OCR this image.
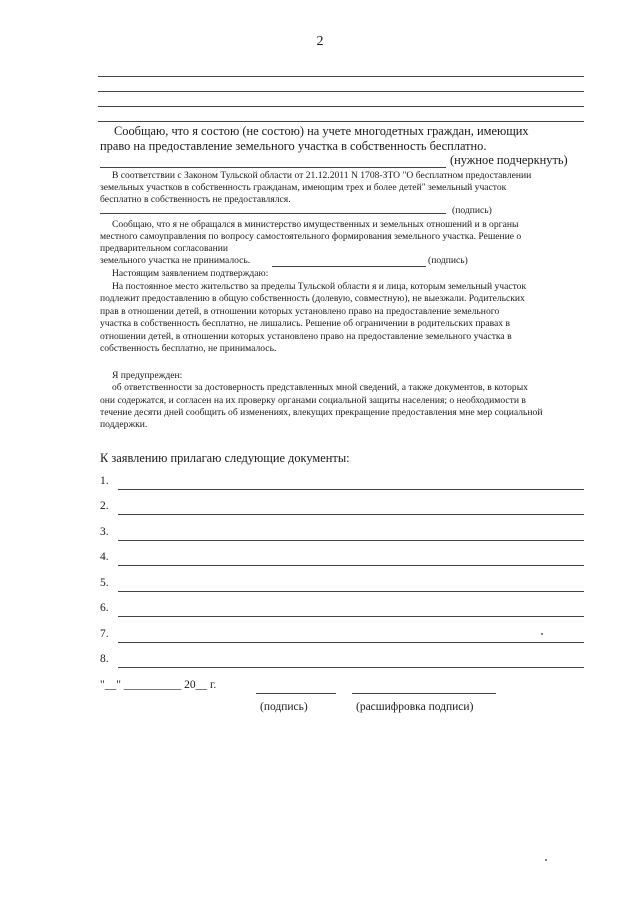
2
Сообщаю, что я состою (не состою) на учете многодетных граждан, имеющих
право на предоставление земельного участка в собственность бесплатно.
(нужное подчеркнуть)
В соответствии с Законом Тульской области от 21.12.2011 N 1708-ЗТО "О бесплатном предоставлении
земельных участков в собственность гражданам, имеющим трех и более детей" земельный участок
бесплатно в собственность не предоставлялся.
(подпись)
Сообщаю, что я не обращался в министерство имущественных и земельных отношений и в органы
местного самоуправления по вопросу самостоятельного формирования земельного участка. Решение о
предварительном согласовании
земельного участка не принималось.	(подпись)
Настоящим заявлением подтверждаю:
На постоянное место жительство за пределы Тульской области я и лица, которым земельный участок
подлежит предоставлению в общую собственность (долевую, совместную), не выезжали. Родительских
прав в отношении детей, в отношении которых установлено право на предоставление земельного
участка в собственность бесплатно, не лишались. Решение об ограничении в родительских правах в
отношении детей, в отношении которых установлено право на предоставление земельного участка в
собственность бесплатно, не принималось.
Я предупрежден:
об ответственности за достоверность представленных мной сведений, а также документов, в которых
они содержатся, и согласен на их проверку органами социальной защиты населения; о необходимости в
течение десяти дней сообщить об изменениях, влекущих прекращение предоставления мне мер социальной
поддержки.
К заявлению прилагаю следующие документы:
1.
2.
3.
4.
5.
6.
7.
8.
"__" __________ 20__ г.
(подпись)	(расшифровка подписи)
